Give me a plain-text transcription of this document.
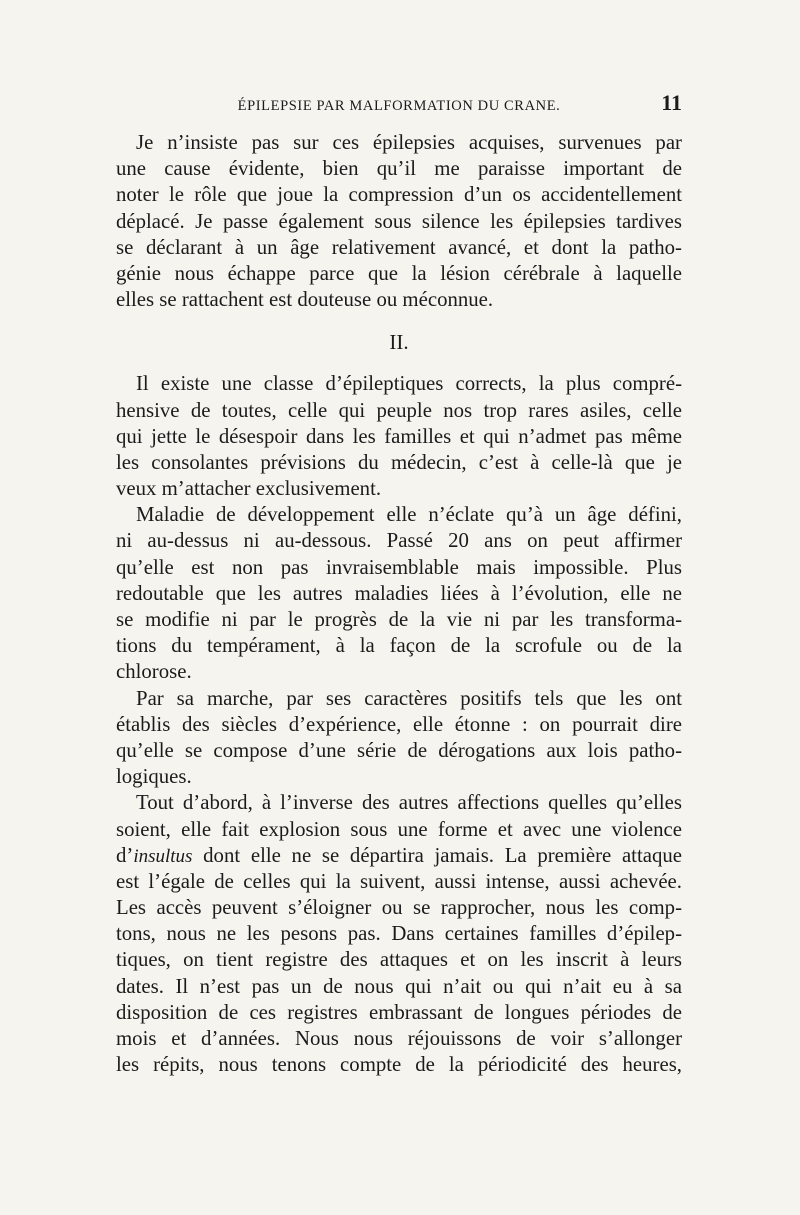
ÉPILEPSIE PAR MALFORMATION DU CRANE.	11
Je n’insiste pas sur ces épilepsies acquises, survenues par
une cause évidente, bien qu’il me paraisse important de
noter le rôle que joue la compression d’un os accidentellement
déplacé. Je passe également sous silence les épilepsies tardives
se déclarant à un âge relativement avancé, et dont la patho-
génie nous échappe parce que la lésion cérébrale à laquelle
elles se rattachent est douteuse ou méconnue.
II.
Il existe une classe d’épileptiques corrects, la plus compré-
hensive de toutes, celle qui peuple nos trop rares asiles, celle
qui jette le désespoir dans les familles et qui n’admet pas même
les consolantes prévisions du médecin, c’est à celle-là que je
veux m’attacher exclusivement.
Maladie de développement elle n’éclate qu’à un âge défini,
ni au-dessus ni au-dessous. Passé 20 ans on peut affirmer
qu’elle est non pas invraisemblable mais impossible. Plus
redoutable que les autres maladies liées à l’évolution, elle ne
se modifie ni par le progrès de la vie ni par les transforma-
tions du tempérament, à la façon de la scrofule ou de la
chlorose.
Par sa marche, par ses caractères positifs tels que les ont
établis des siècles d’expérience, elle étonne : on pourrait dire
qu’elle se compose d’une série de dérogations aux lois patho-
logiques.
Tout d’abord, à l’inverse des autres affections quelles qu’elles
soient, elle fait explosion sous une forme et avec une violence
d’insultus dont elle ne se départira jamais. La première attaque
est l’égale de celles qui la suivent, aussi intense, aussi achevée.
Les accès peuvent s’éloigner ou se rapprocher, nous les comp-
tons, nous ne les pesons pas. Dans certaines familles d’épilep-
tiques, on tient registre des attaques et on les inscrit à leurs
dates. Il n’est pas un de nous qui n’ait ou qui n’ait eu à sa
disposition de ces registres embrassant de longues périodes de
mois et d’années. Nous nous réjouissons de voir s’allonger
les répits, nous tenons compte de la périodicité des heures,
